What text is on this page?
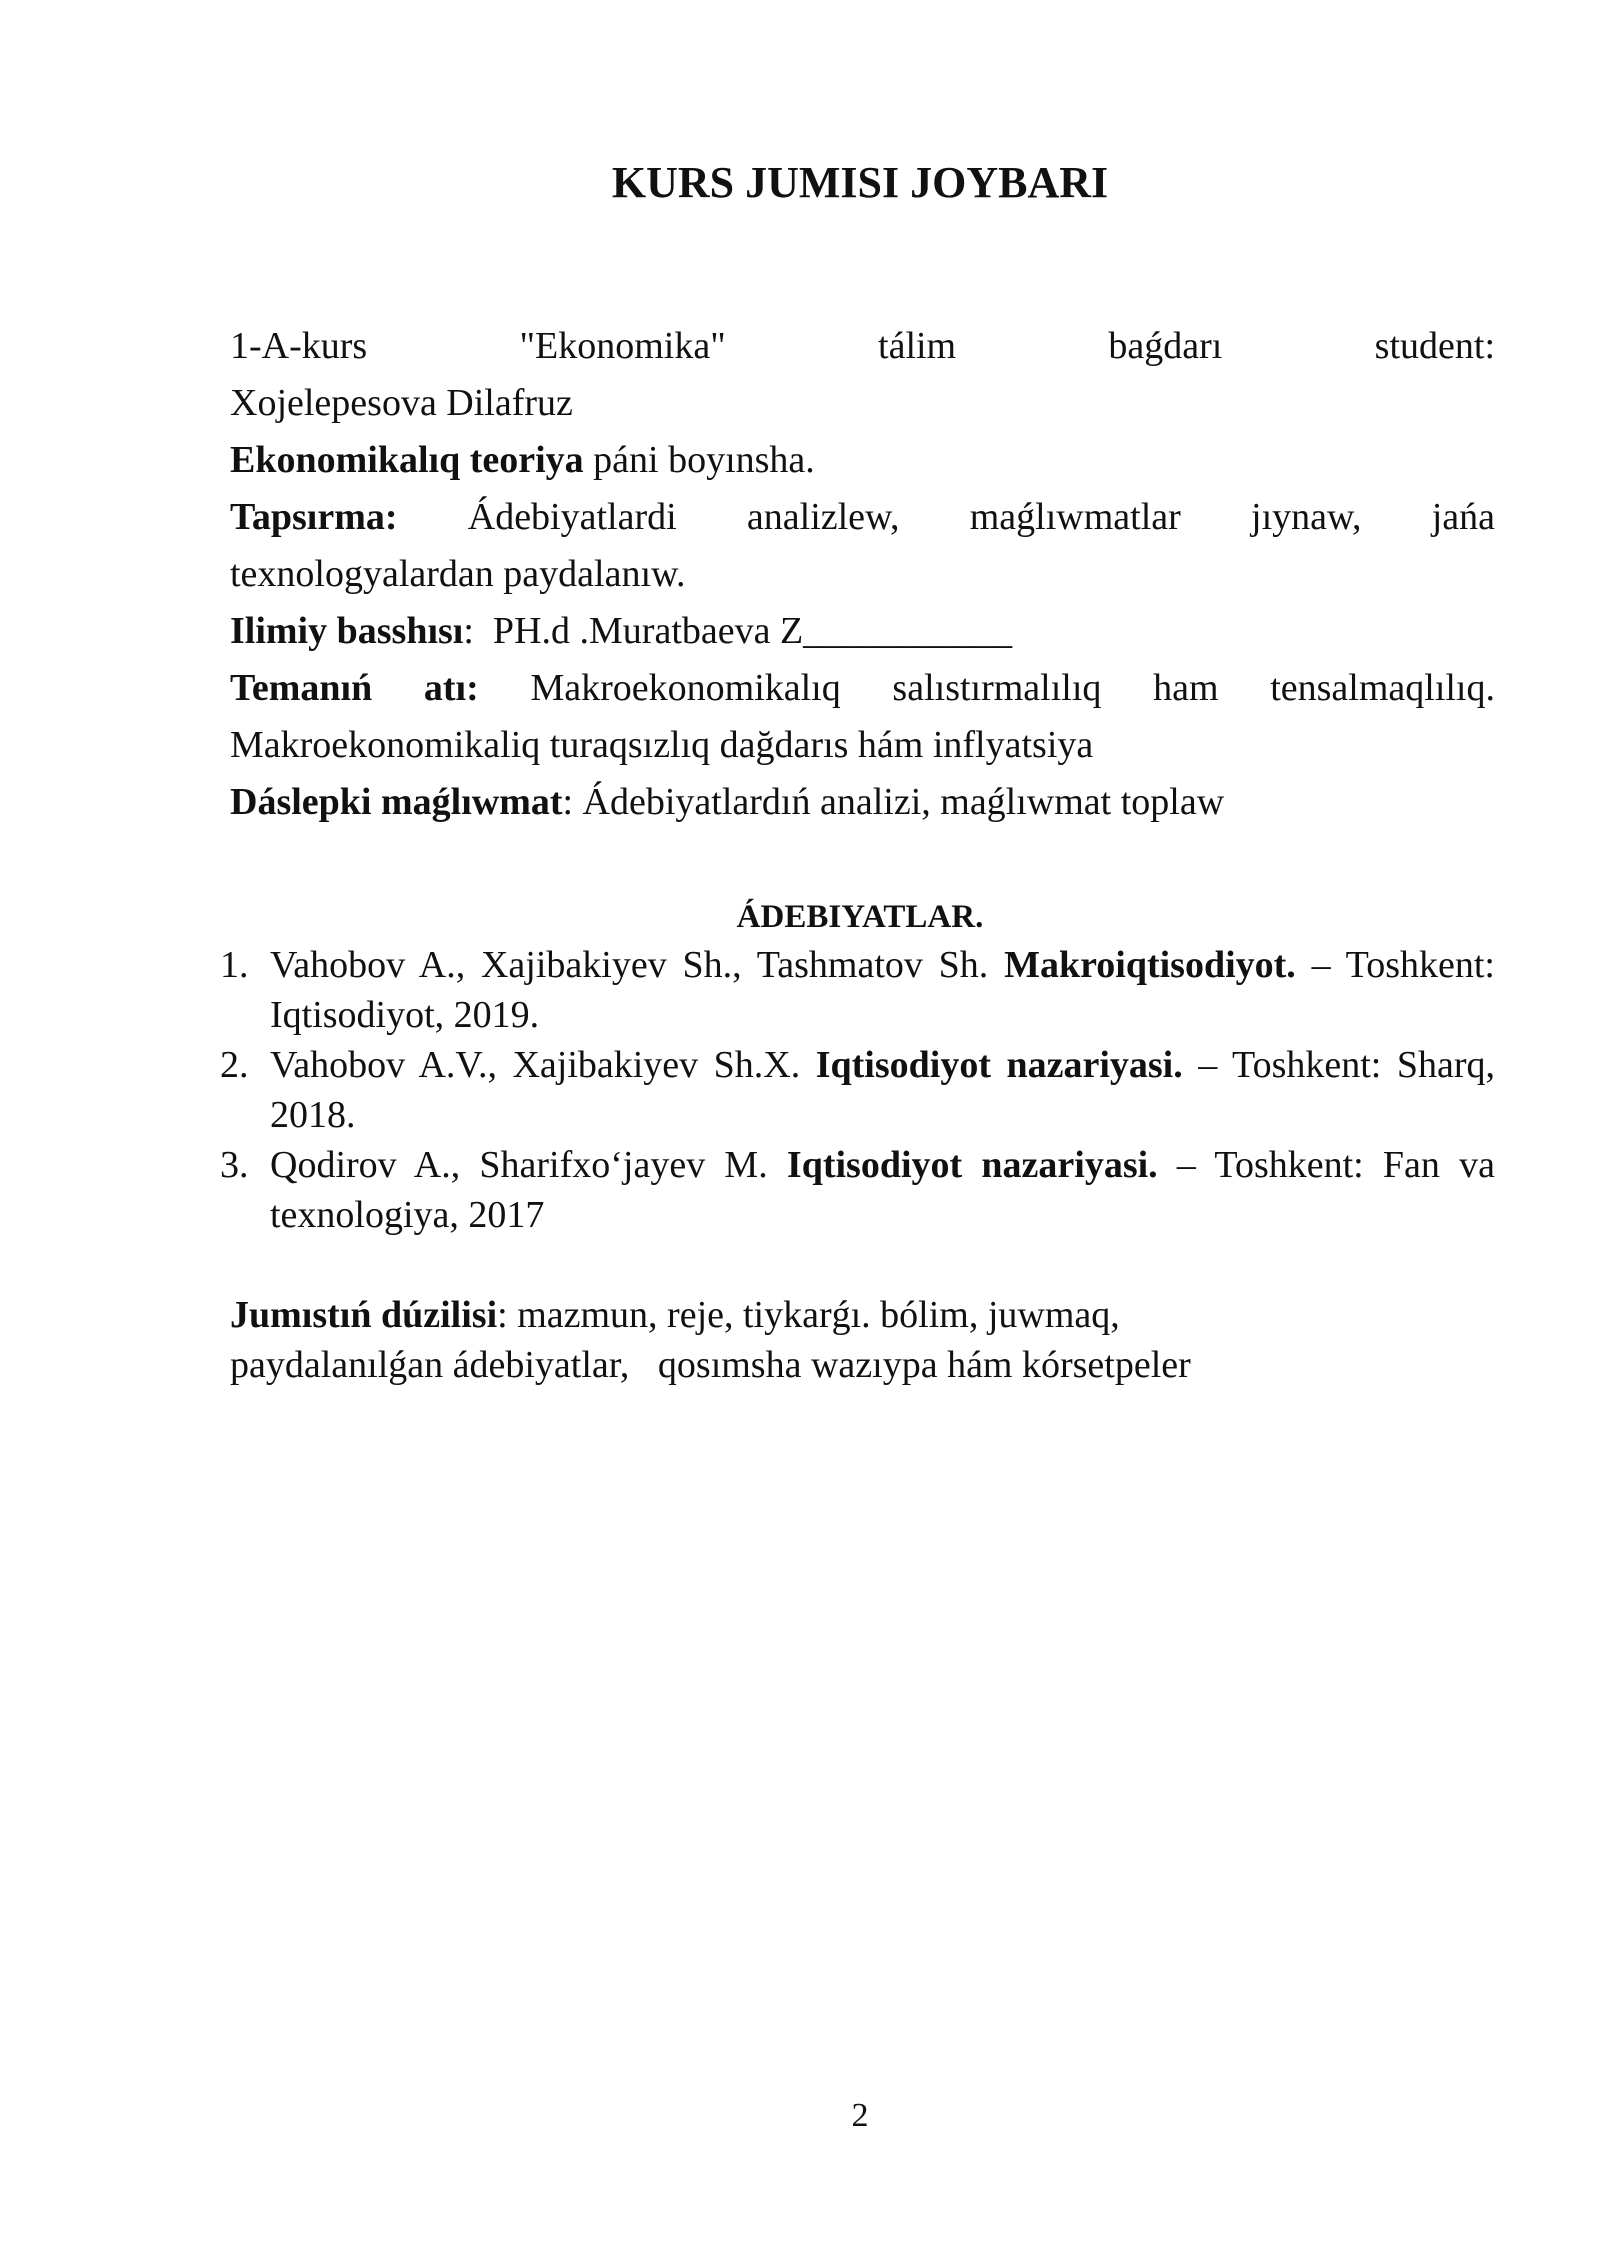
KURS JUMISI JOYBARI

1-A-kurs	"Ekonomika"	tálim	baǵdarı	student:
Xojelepesova Dilafruz

Ekonomikalıq teoriya páni boyınsha.

Tapsırma: Ádebiyatlardi analizlew, maǵlıwmatlar jıynaw, jańa
texnologyalardan paydalanıw.

Ilimiy basshısı:  PH.d .Muratbaeva Z___________

Temanıń atı: Makroekonomikalıq salıstırmalılıq ham tensalmaqlılıq.
Makroekonomikaliq turaqsızlıq dağdarıs hám inflyatsiya

Dáslepki maǵlıwmat: Ádebiyatlardıń analizi, maǵlıwmat toplaw

ÁDEBIYATLAR.
1. Vahobov A., Xajibakiyev Sh., Tashmatov Sh. Makroiqtisodiyot. – Toshkent: Iqtisodiyot, 2019.
2. Vahobov A.V., Xajibakiyev Sh.X. Iqtisodiyot nazariyasi. – Toshkent: Sharq, 2018.
3. Qodirov A., Sharifxo‘jayev M. Iqtisodiyot nazariyasi. – Toshkent: Fan va texnologiya, 2017

Jumıstıń dúzilisi: mazmun, reje, tiykarǵı. bólim, juwmaq,
paydalanılǵan ádebiyatlar,   qosımsha wazıypa hám kórsetpeler

2
